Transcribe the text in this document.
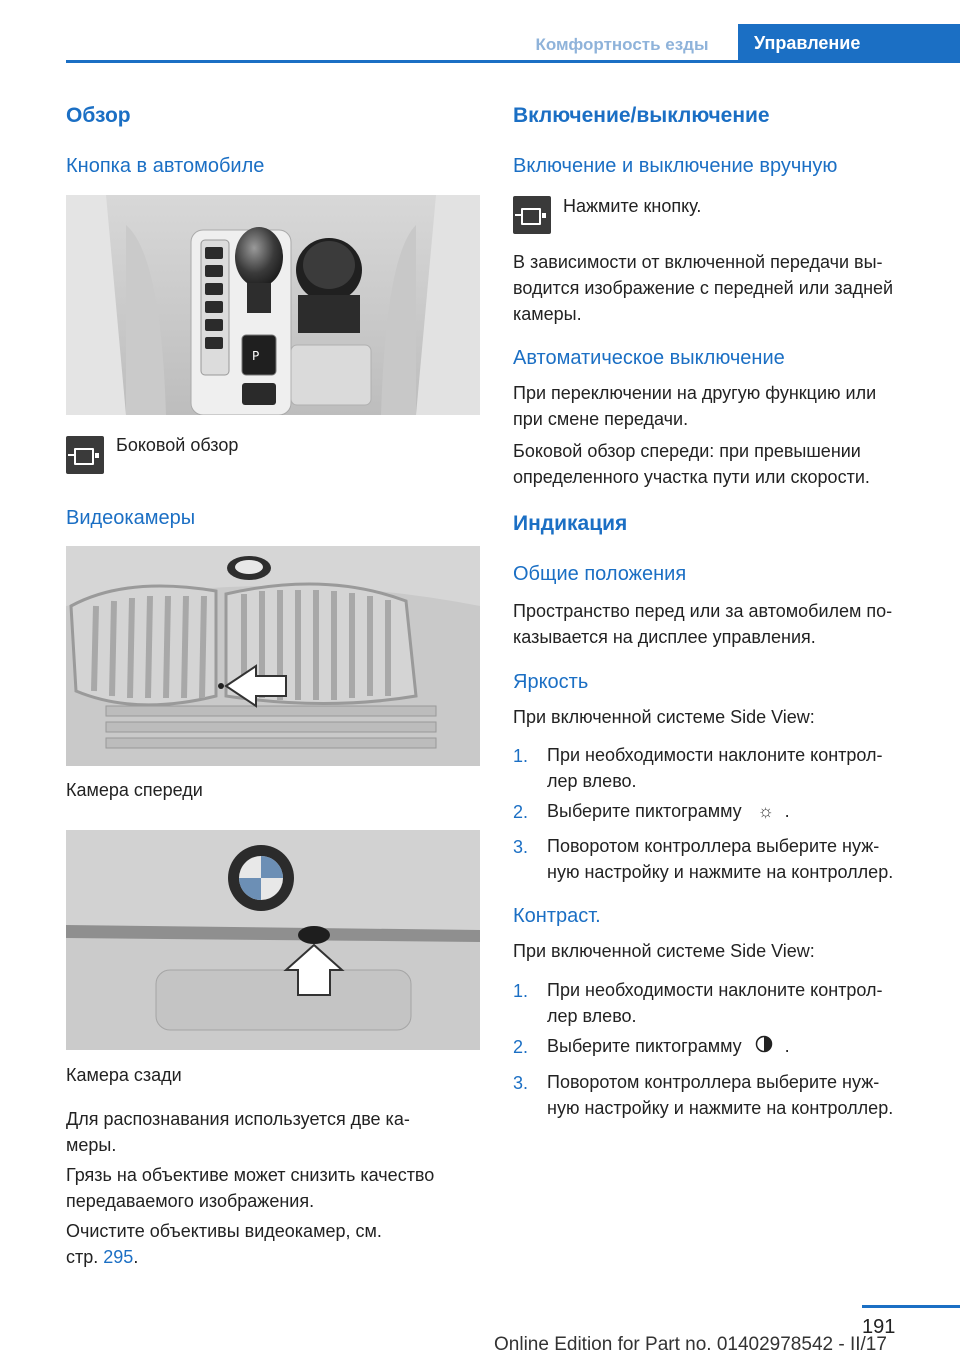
Комфортность езды	Управление
Обзор
Кнопка в автомобиле
P
Боковой обзор
Видеокамеры
Камера спереди
Камера сзади
Для распознавания используется две ка‐
меры.
Грязь на объективе может снизить качество
передаваемого изображения.
Очистите объективы видеокамер, см.
стр. 295.
Включение/выключение
Включение и выключение вручную
Нажмите кнопку.
В зависимости от включенной передачи вы‐
водится изображение с передней или задней
камеры.
Автоматическое выключение
При переключении на другую функцию или
при смене передачи.
Боковой обзор спереди: при превышении
определенного участка пути или скорости.
Индикация
Общие положения
Пространство перед или за автомобилем по‐
казывается на дисплее управления.
Яркость
При включенной системе Side View:
1. При необходимости наклоните контрол‐
лер влево.
2. Выберите пиктограмму ☼ .
3. Поворотом контроллера выберите нуж‐
ную настройку и нажмите на контроллер.
Контраст.
При включенной системе Side View:
1. При необходимости наклоните контрол‐
лер влево.
2. Выберите пиктограмму .
3. Поворотом контроллера выберите нуж‐
ную настройку и нажмите на контроллер.
191
Online Edition for Part no. 01402978542 - II/17
